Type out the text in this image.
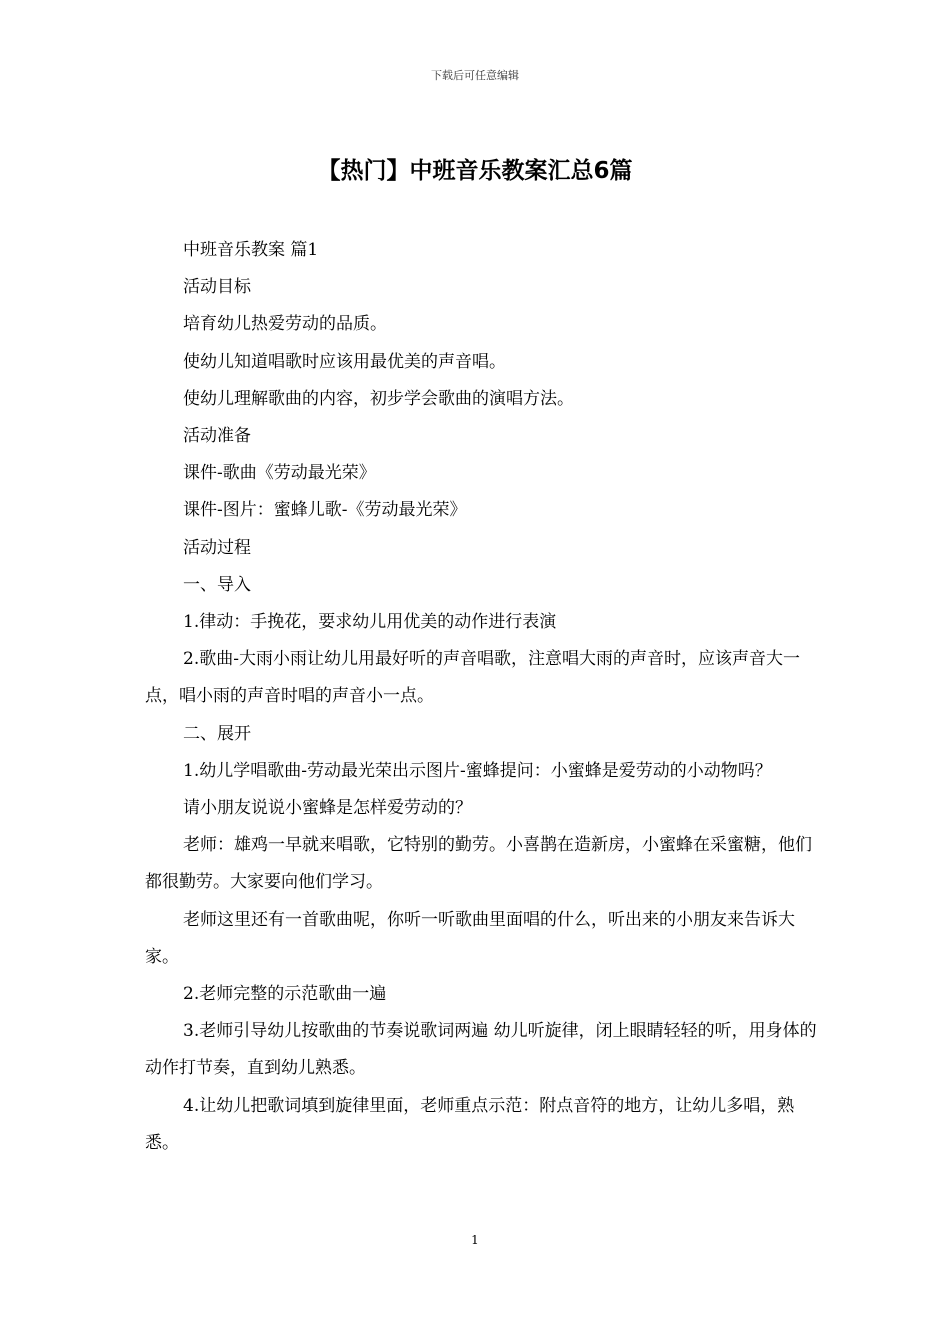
下载后可任意编辑
【热门】中班音乐教案汇总6篇

中班音乐教案 篇1

活动目标

培育幼儿热爱劳动的品质。

使幼儿知道唱歌时应该用最优美的声音唱。

使幼儿理解歌曲的内容，初步学会歌曲的演唱方法。

活动准备

课件-歌曲《劳动最光荣》

课件-图片：蜜蜂儿歌-《劳动最光荣》

活动过程

一、导入

1.律动：手挽花，要求幼儿用优美的动作进行表演

2.歌曲-大雨小雨让幼儿用最好听的声音唱歌，注意唱大雨的声音时，应该声音大一点，唱小雨的声音时唱的声音小一点。

二、展开

1.幼儿学唱歌曲-劳动最光荣出示图片-蜜蜂提问：小蜜蜂是爱劳动的小动物吗？

请小朋友说说小蜜蜂是怎样爱劳动的？

老师：雄鸡一早就来唱歌，它特别的勤劳。小喜鹊在造新房，小蜜蜂在采蜜糖，他们都很勤劳。大家要向他们学习。

老师这里还有一首歌曲呢，你听一听歌曲里面唱的什么，听出来的小朋友来告诉大家。

2.老师完整的示范歌曲一遍

3.老师引导幼儿按歌曲的节奏说歌词两遍 幼儿听旋律，闭上眼睛轻轻的听，用身体的动作打节奏，直到幼儿熟悉。

4.让幼儿把歌词填到旋律里面，老师重点示范：附点音符的地方，让幼儿多唱，熟悉。

1
